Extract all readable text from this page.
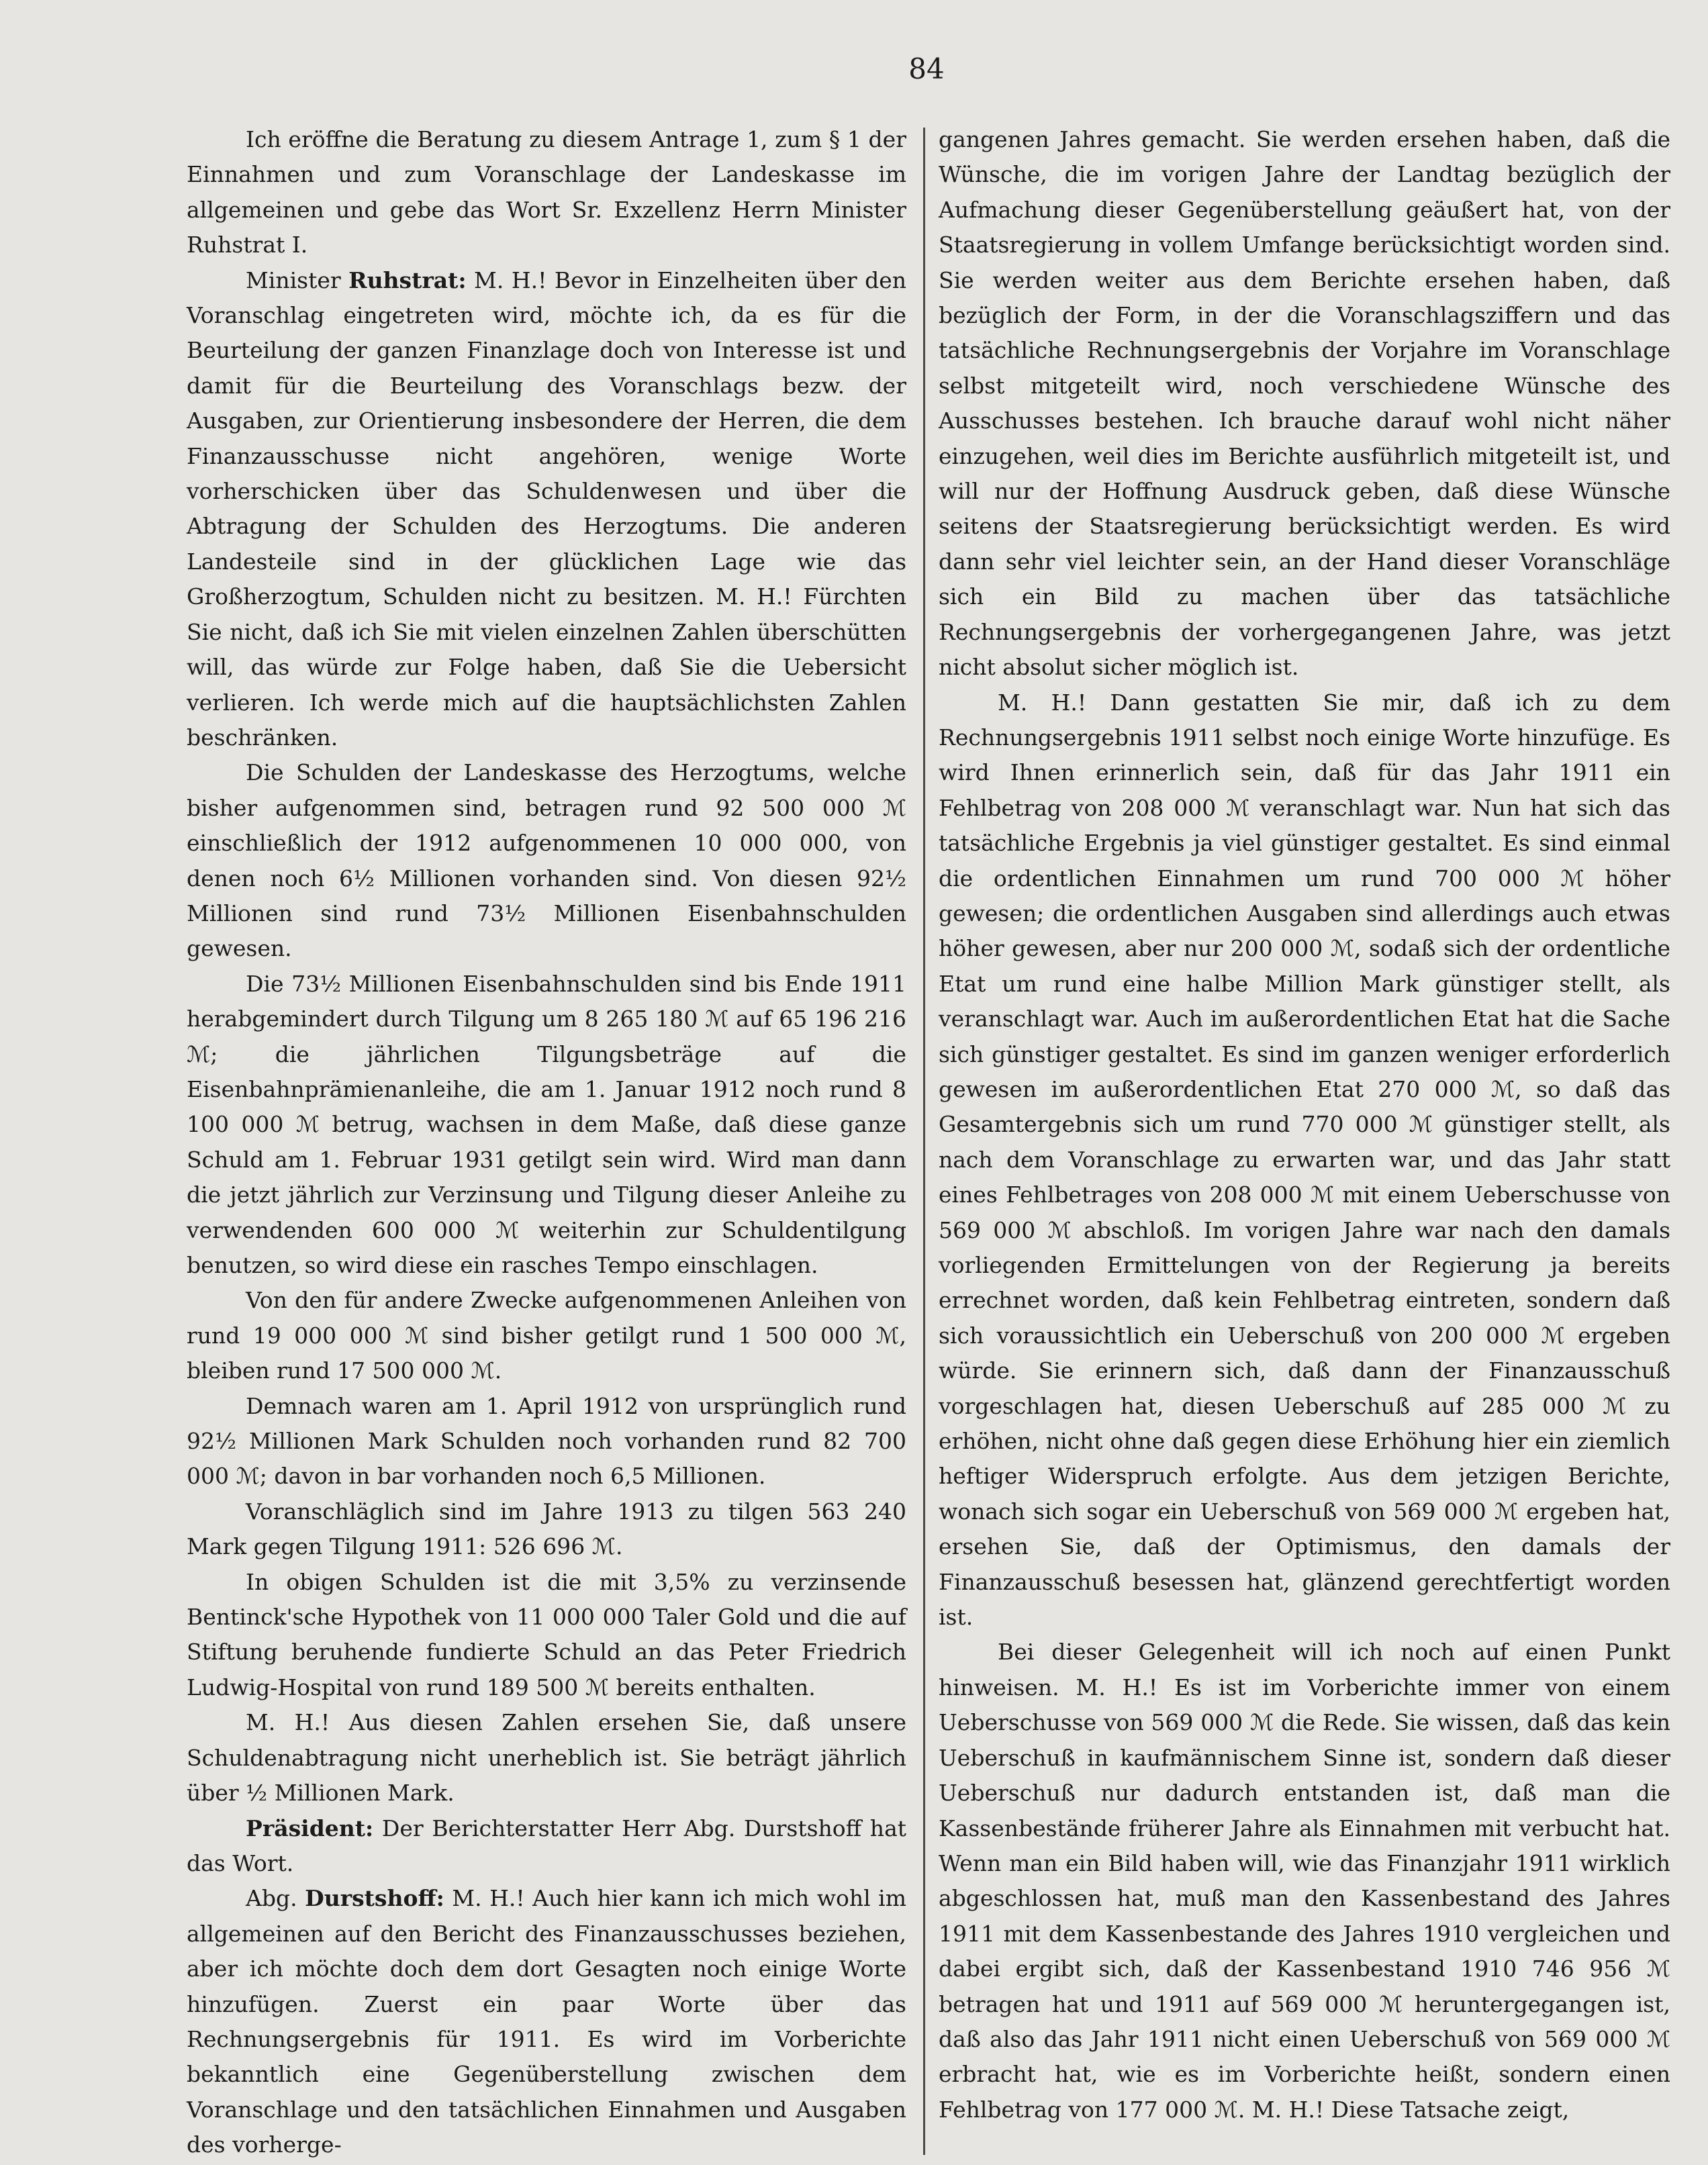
84

Ich eröffne die Beratung zu diesem Antrage 1, zum § 1 der Einnahmen und zum Voranschlage der Landeskasse im allgemeinen und gebe das Wort Sr. Exzellenz Herrn Minister Ruhstrat I.

Minister Ruhstrat: M. H.! Bevor in Einzelheiten über den Voranschlag eingetreten wird, möchte ich, da es für die Beurteilung der ganzen Finanzlage doch von Interesse ist und damit für die Beurteilung des Voranschlags bezw. der Ausgaben, zur Orientierung insbesondere der Herren, die dem Finanzausschusse nicht angehören, wenige Worte vorherschicken über das Schuldenwesen und über die Abtragung der Schulden des Herzogtums. Die anderen Landesteile sind in der glücklichen Lage wie das Großherzogtum, Schulden nicht zu besitzen. M. H.! Fürchten Sie nicht, daß ich Sie mit vielen einzelnen Zahlen überschütten will, das würde zur Folge haben, daß Sie die Uebersicht verlieren. Ich werde mich auf die hauptsächlichsten Zahlen beschränken.

Die Schulden der Landeskasse des Herzogtums, welche bisher aufgenommen sind, betragen rund 92 500 000 ℳ einschließlich der 1912 aufgenommenen 10 000 000, von denen noch 6½ Millionen vorhanden sind. Von diesen 92½ Millionen sind rund 73½ Millionen Eisenbahnschulden gewesen.

Die 73½ Millionen Eisenbahnschulden sind bis Ende 1911 herabgemindert durch Tilgung um 8 265 180 ℳ auf 65 196 216 ℳ; die jährlichen Tilgungsbeträge auf die Eisenbahnprämienanleihe, die am 1. Januar 1912 noch rund 8 100 000 ℳ betrug, wachsen in dem Maße, daß diese ganze Schuld am 1. Februar 1931 getilgt sein wird. Wird man dann die jetzt jährlich zur Verzinsung und Tilgung dieser Anleihe zu verwendenden 600 000 ℳ weiterhin zur Schuldentilgung benutzen, so wird diese ein rasches Tempo einschlagen.

Von den für andere Zwecke aufgenommenen Anleihen von rund 19 000 000 ℳ sind bisher getilgt rund 1 500 000 ℳ, bleiben rund 17 500 000 ℳ.

Demnach waren am 1. April 1912 von ursprünglich rund 92½ Millionen Mark Schulden noch vorhanden rund 82 700 000 ℳ; davon in bar vorhanden noch 6,5 Millionen.

Voranschläglich sind im Jahre 1913 zu tilgen 563 240 Mark gegen Tilgung 1911: 526 696 ℳ.

In obigen Schulden ist die mit 3,5% zu verzinsende Bentinck'sche Hypothek von 11 000 000 Taler Gold und die auf Stiftung beruhende fundierte Schuld an das Peter Friedrich Ludwig-Hospital von rund 189 500 ℳ bereits enthalten.

M. H.! Aus diesen Zahlen ersehen Sie, daß unsere Schuldenabtragung nicht unerheblich ist. Sie beträgt jährlich über ½ Millionen Mark.

Präsident: Der Berichterstatter Herr Abg. Durstshoff hat das Wort.

Abg. Durstshoff: M. H.! Auch hier kann ich mich wohl im allgemeinen auf den Bericht des Finanzausschusses beziehen, aber ich möchte doch dem dort Gesagten noch einige Worte hinzufügen. Zuerst ein paar Worte über das Rechnungsergebnis für 1911. Es wird im Vorberichte bekanntlich eine Gegenüberstellung zwischen dem Voranschlage und den tatsächlichen Einnahmen und Ausgaben des vorherge-

gangenen Jahres gemacht. Sie werden ersehen haben, daß die Wünsche, die im vorigen Jahre der Landtag bezüglich der Aufmachung dieser Gegenüberstellung geäußert hat, von der Staatsregierung in vollem Umfange berücksichtigt worden sind. Sie werden weiter aus dem Berichte ersehen haben, daß bezüglich der Form, in der die Voranschlagsziffern und das tatsächliche Rechnungsergebnis der Vorjahre im Voranschlage selbst mitgeteilt wird, noch verschiedene Wünsche des Ausschusses bestehen. Ich brauche darauf wohl nicht näher einzugehen, weil dies im Berichte ausführlich mitgeteilt ist, und will nur der Hoffnung Ausdruck geben, daß diese Wünsche seitens der Staatsregierung berücksichtigt werden. Es wird dann sehr viel leichter sein, an der Hand dieser Voranschläge sich ein Bild zu machen über das tatsächliche Rechnungsergebnis der vorhergegangenen Jahre, was jetzt nicht absolut sicher möglich ist.

M. H.! Dann gestatten Sie mir, daß ich zu dem Rechnungsergebnis 1911 selbst noch einige Worte hinzufüge. Es wird Ihnen erinnerlich sein, daß für das Jahr 1911 ein Fehlbetrag von 208 000 ℳ veranschlagt war. Nun hat sich das tatsächliche Ergebnis ja viel günstiger gestaltet. Es sind einmal die ordentlichen Einnahmen um rund 700 000 ℳ höher gewesen; die ordentlichen Ausgaben sind allerdings auch etwas höher gewesen, aber nur 200 000 ℳ, sodaß sich der ordentliche Etat um rund eine halbe Million Mark günstiger stellt, als veranschlagt war. Auch im außerordentlichen Etat hat die Sache sich günstiger gestaltet. Es sind im ganzen weniger erforderlich gewesen im außerordentlichen Etat 270 000 ℳ, so daß das Gesamtergebnis sich um rund 770 000 ℳ günstiger stellt, als nach dem Voranschlage zu erwarten war, und das Jahr statt eines Fehlbetrages von 208 000 ℳ mit einem Ueberschusse von 569 000 ℳ abschloß. Im vorigen Jahre war nach den damals vorliegenden Ermittelungen von der Regierung ja bereits errechnet worden, daß kein Fehlbetrag eintreten, sondern daß sich voraussichtlich ein Ueberschuß von 200 000 ℳ ergeben würde. Sie erinnern sich, daß dann der Finanzausschuß vorgeschlagen hat, diesen Ueberschuß auf 285 000 ℳ zu erhöhen, nicht ohne daß gegen diese Erhöhung hier ein ziemlich heftiger Widerspruch erfolgte. Aus dem jetzigen Berichte, wonach sich sogar ein Ueberschuß von 569 000 ℳ ergeben hat, ersehen Sie, daß der Optimismus, den damals der Finanzausschuß besessen hat, glänzend gerechtfertigt worden ist.

Bei dieser Gelegenheit will ich noch auf einen Punkt hinweisen. M. H.! Es ist im Vorberichte immer von einem Ueberschusse von 569 000 ℳ die Rede. Sie wissen, daß das kein Ueberschuß in kaufmännischem Sinne ist, sondern daß dieser Ueberschuß nur dadurch entstanden ist, daß man die Kassenbestände früherer Jahre als Einnahmen mit verbucht hat. Wenn man ein Bild haben will, wie das Finanzjahr 1911 wirklich abgeschlossen hat, muß man den Kassenbestand des Jahres 1911 mit dem Kassenbestande des Jahres 1910 vergleichen und dabei ergibt sich, daß der Kassenbestand 1910 746 956 ℳ betragen hat und 1911 auf 569 000 ℳ heruntergegangen ist, daß also das Jahr 1911 nicht einen Ueberschuß von 569 000 ℳ erbracht hat, wie es im Vorberichte heißt, sondern einen Fehlbetrag von 177 000 ℳ. M. H.! Diese Tatsache zeigt,
